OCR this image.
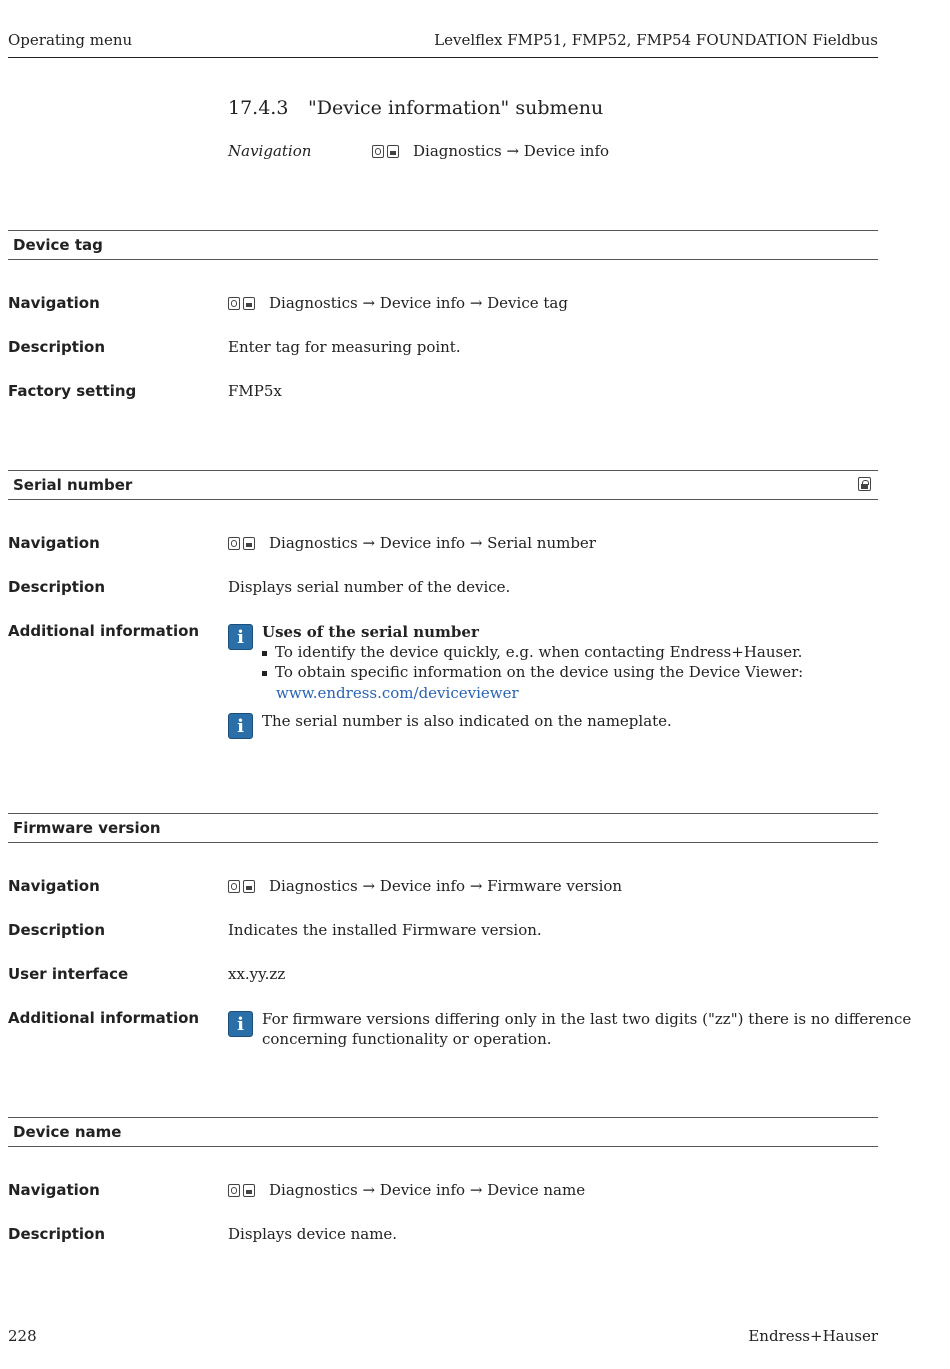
Operating menu	Levelflex FMP51, FMP52, FMP54 FOUNDATION Fieldbus
17.4.3 "Device information" submenu
Navigation	Diagnostics → Device info
Device tag
Navigation	Diagnostics → Device info → Device tag
Description	Enter tag for measuring point.
Factory setting	FMP5x
Serial number
Navigation	Diagnostics → Device info → Serial number
Description	Displays serial number of the device.
Additional information	i	Uses of the serial number
To identify the device quickly, e.g. when contacting Endress+Hauser.
To obtain specific information on the device using the Device Viewer:
www.endress.com/deviceviewer
i	The serial number is also indicated on the nameplate.
Firmware version
Navigation	Diagnostics → Device info → Firmware version
Description	Indicates the installed Firmware version.
User interface	xx.yy.zz
Additional information	i	For firmware versions differing only in the last two digits ("zz") there is no difference
concerning functionality or operation.
Device name
Navigation	Diagnostics → Device info → Device name
Description	Displays device name.
228	Endress+Hauser
